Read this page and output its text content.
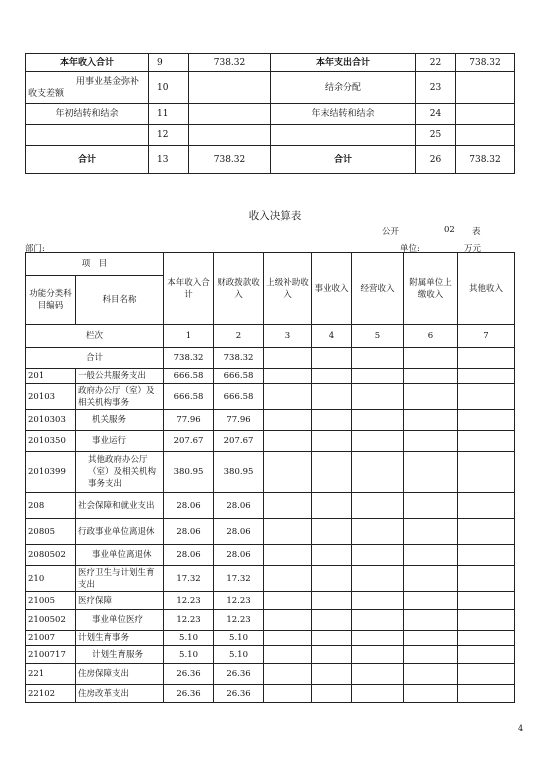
本年收入合计	9	738.32	本年支出合计	22	738.32
用事业基金弥补收支差额	10		结余分配	23	
年初结转和结余	11		年末结转和结余	24	
	12			25	
合计	13	738.32	合计	26	738.32
收入决算表
公开	02 表
部门:	单位:	万元
项　目		本年收入合计	财政拨款收入	上级补助收入	事业收入	经营收入	附属单位上缴收入	其他收入
功能分类科目编码	科目名称							
栏次		1	2	3	4	5	6	7
合计		738.32	738.32					
201	一般公共服务支出	666.58	666.58					
20103	政府办公厅（室）及相关机构事务	666.58	666.58					
2010303	机关服务	77.96	77.96					
2010350	事业运行	207.67	207.67					
2010399	其他政府办公厅（室）及相关机构事务支出	380.95	380.95					
208	社会保障和就业支出	28.06	28.06					
20805	行政事业单位离退休	28.06	28.06					
2080502	事业单位离退休	28.06	28.06					
210	医疗卫生与计划生育支出	17.32	17.32					
21005	医疗保障	12.23	12.23					
2100502	事业单位医疗	12.23	12.23					
21007	计划生育事务	5.10	5.10					
2100717	计划生育服务	5.10	5.10					
221	住房保障支出	26.36	26.36					
22102	住房改革支出	26.36	26.36					
4
